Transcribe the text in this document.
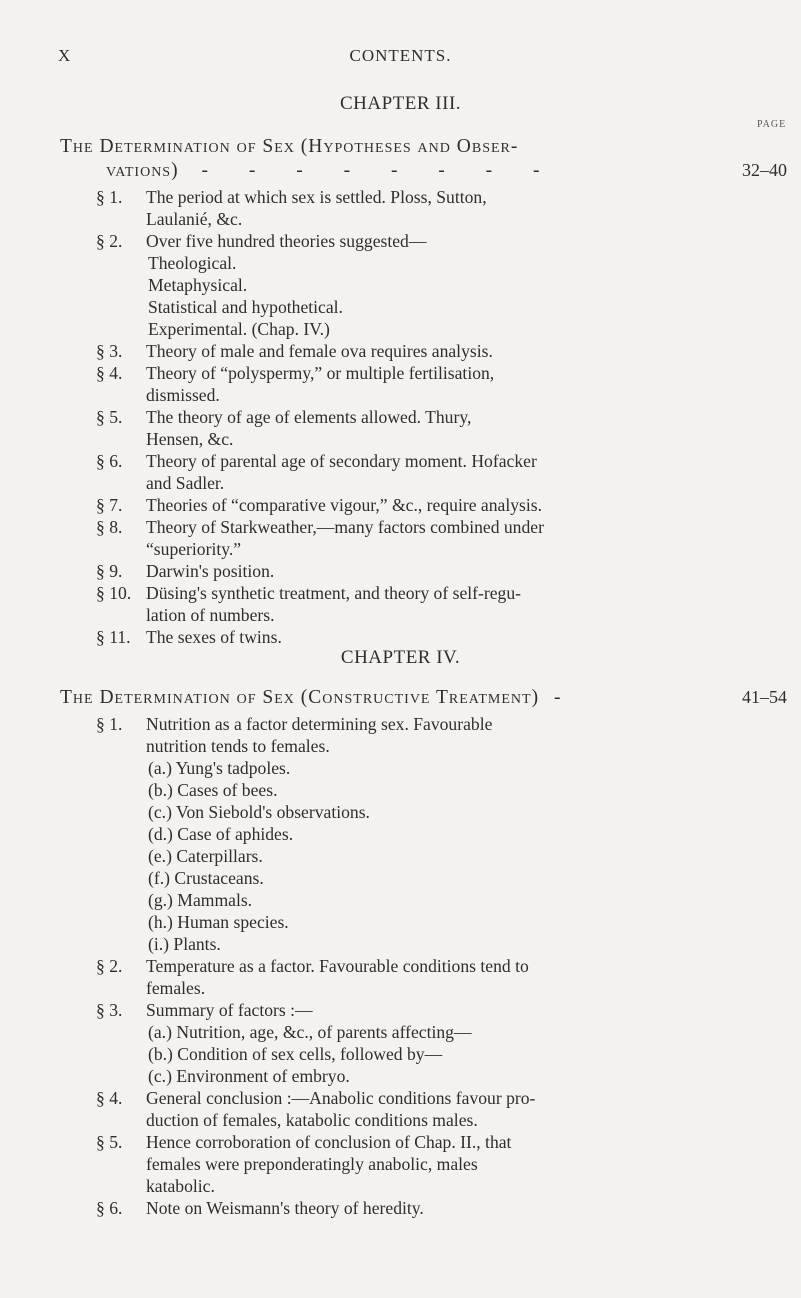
X	CONTENTS.
CHAPTER III.
PAGE
The Determination of Sex (Hypotheses and Obser-
vations) - - - - - - - -	32–40
§ 1. The period at which sex is settled. Ploss, Sutton,
Laulanié, &c.
§ 2. Over five hundred theories suggested—
Theological.
Metaphysical.
Statistical and hypothetical.
Experimental. (Chap. IV.)
§ 3. Theory of male and female ova requires analysis.
§ 4. Theory of “polyspermy,” or multiple fertilisation,
dismissed.
§ 5. The theory of age of elements allowed. Thury,
Hensen, &c.
§ 6. Theory of parental age of secondary moment. Hofacker
and Sadler.
§ 7. Theories of “comparative vigour,” &c., require analysis.
§ 8. Theory of Starkweather,—many factors combined under
“superiority.”
§ 9. Darwin's position.
§ 10. Düsing's synthetic treatment, and theory of self-regu-
lation of numbers.
§ 11. The sexes of twins.
CHAPTER IV.
The Determination of Sex (Constructive Treatment) -	41–54
§ 1. Nutrition as a factor determining sex. Favourable
nutrition tends to females.
(a.) Yung's tadpoles.
(b.) Cases of bees.
(c.) Von Siebold's observations.
(d.) Case of aphides.
(e.) Caterpillars.
(f.) Crustaceans.
(g.) Mammals.
(h.) Human species.
(i.) Plants.
§ 2. Temperature as a factor. Favourable conditions tend to
females.
§ 3. Summary of factors :—
(a.) Nutrition, age, &c., of parents affecting—
(b.) Condition of sex cells, followed by—
(c.) Environment of embryo.
§ 4. General conclusion :—Anabolic conditions favour pro-
duction of females, katabolic conditions males.
§ 5. Hence corroboration of conclusion of Chap. II., that
females were preponderatingly anabolic, males
katabolic.
§ 6. Note on Weismann's theory of heredity.
